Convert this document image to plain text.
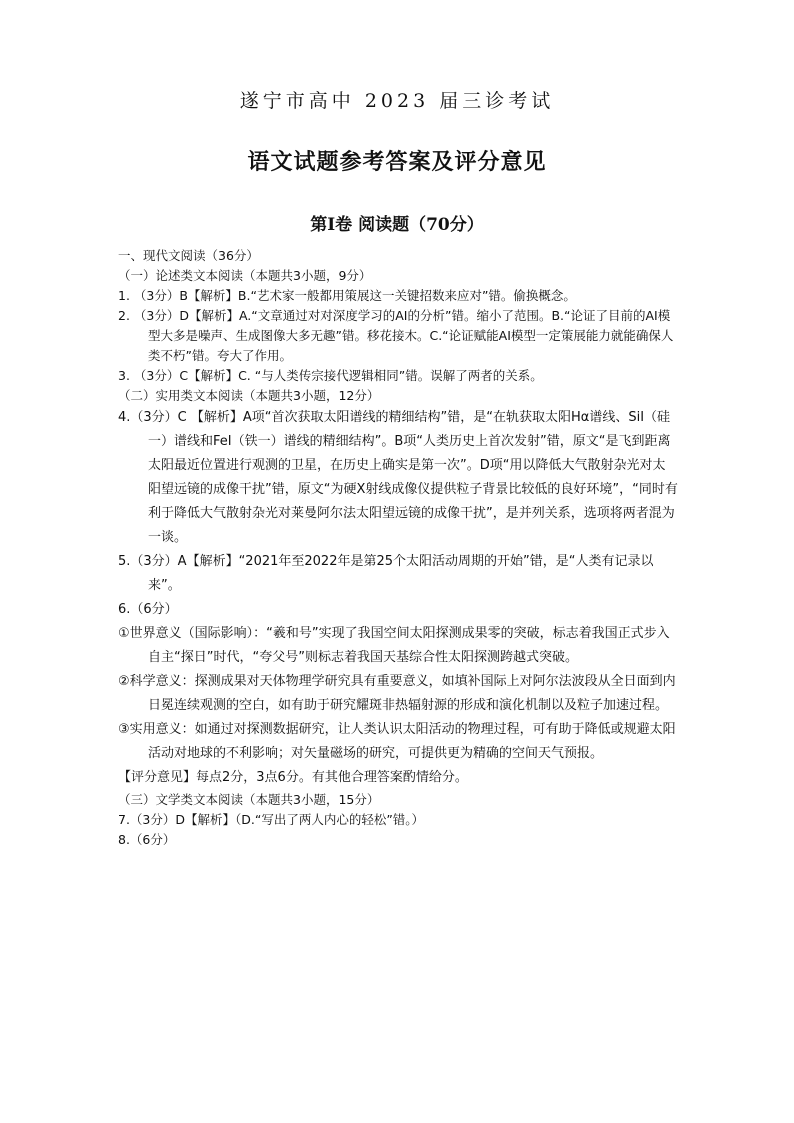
遂宁市高中 2023 届三诊考试
语文试题参考答案及评分意见
第Ⅰ卷 阅读题（70分）

一、现代文阅读（36分）

（一）论述类文本阅读（本题共3小题，9分）

1. （3分）B【解析】B.“艺术家一般都用策展这一关键招数来应对”错。偷换概念。

2. （3分）D【解析】A.“文章通过对对深度学习的AI的分析”错。缩小了范围。B.“论证了目前的AI模型大多是噪声、生成图像大多无趣”错。移花接木。C.“论证赋能AI模型一定策展能力就能确保人类不朽”错。夸大了作用。

3. （3分）C【解析】C. “与人类传宗接代逻辑相同”错。误解了两者的关系。

（二）实用类文本阅读（本题共3小题，12分）

4.（3分）C 【解析】A项“首次获取太阳谱线的精细结构”错，是“在轨获取太阳Hα谱线、SiⅠ（硅一）谱线和FeⅠ（铁一）谱线的精细结构”。B项“人类历史上首次发射”错，原文“是飞到距离太阳最近位置进行观测的卫星，在历史上确实是第一次”。D项“用以降低大气散射杂光对太阳望远镜的成像干扰”错，原文“为硬X射线成像仪提供粒子背景比较低的良好环境”，“同时有利于降低大气散射杂光对莱曼阿尔法太阳望远镜的成像干扰”，是并列关系，选项将两者混为一谈。

5.（3分）A【解析】“2021年至2022年是第25个太阳活动周期的开始”错，是“人类有记录以来”。

6.（6分）

①世界意义（国际影响）：“羲和号”实现了我国空间太阳探测成果零的突破，标志着我国正式步入自主“探日”时代，“夸父号”则标志着我国天基综合性太阳探测跨越式突破。

②科学意义：探测成果对天体物理学研究具有重要意义，如填补国际上对阿尔法波段从全日面到内日冕连续观测的空白，如有助于研究耀斑非热辐射源的形成和演化机制以及粒子加速过程。

③实用意义：如通过对探测数据研究，让人类认识太阳活动的物理过程，可有助于降低或规避太阳活动对地球的不利影响；对矢量磁场的研究，可提供更为精确的空间天气预报。

【评分意见】每点2分，3点6分。有其他合理答案酌情给分。

（三）文学类文本阅读（本题共3小题，15分）

7.（3分）D【解析】（D.“写出了两人内心的轻松”错。）

8.（6分）
